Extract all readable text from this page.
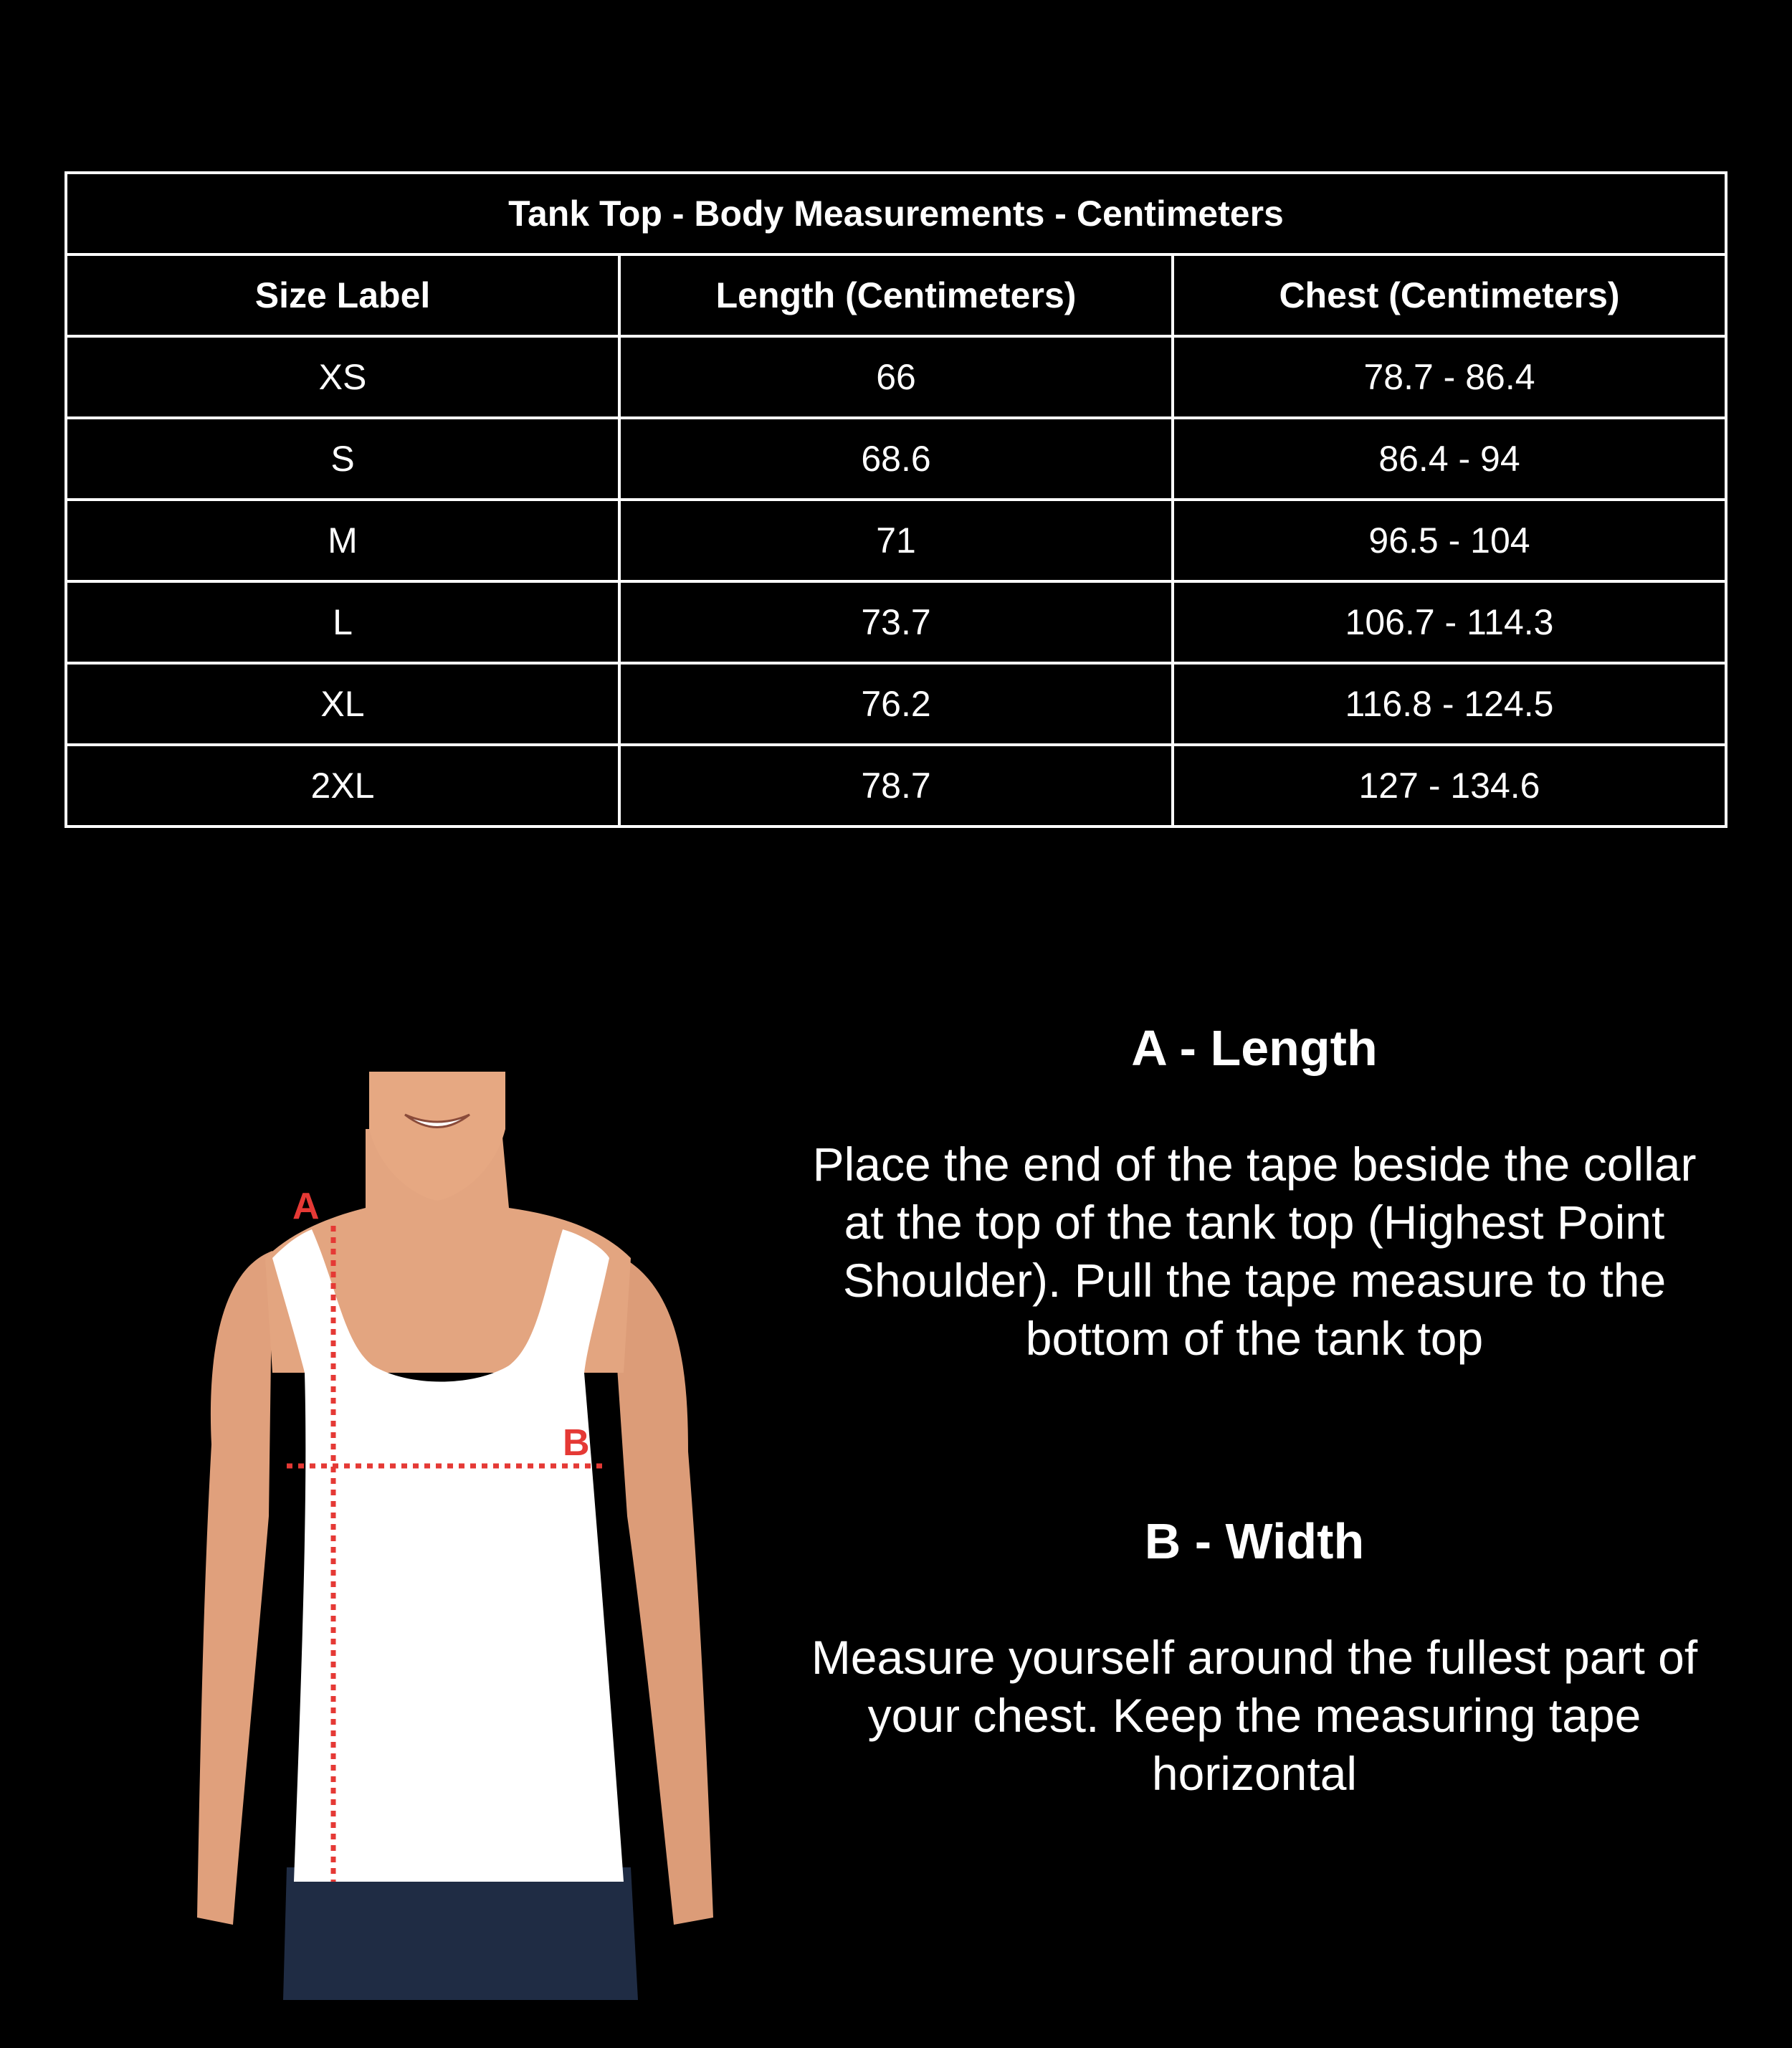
Tank Top - Body Measurements - Centimeters		
Size Label	Length (Centimeters)	Chest (Centimeters)
XS	66	78.7 - 86.4
S	68.6	86.4 - 94
M	71	96.5 - 104
L	73.7	106.7 - 114.3
XL	76.2	116.8 - 124.5
2XL	78.7	127 - 134.6
A
B
A - Length

Place the end of the tape beside the collar at the top of the tank top (Highest Point Shoulder). Pull the tape measure to the bottom of the tank top

B - Width

Measure yourself around the fullest part of your chest. Keep the measuring tape horizontal
